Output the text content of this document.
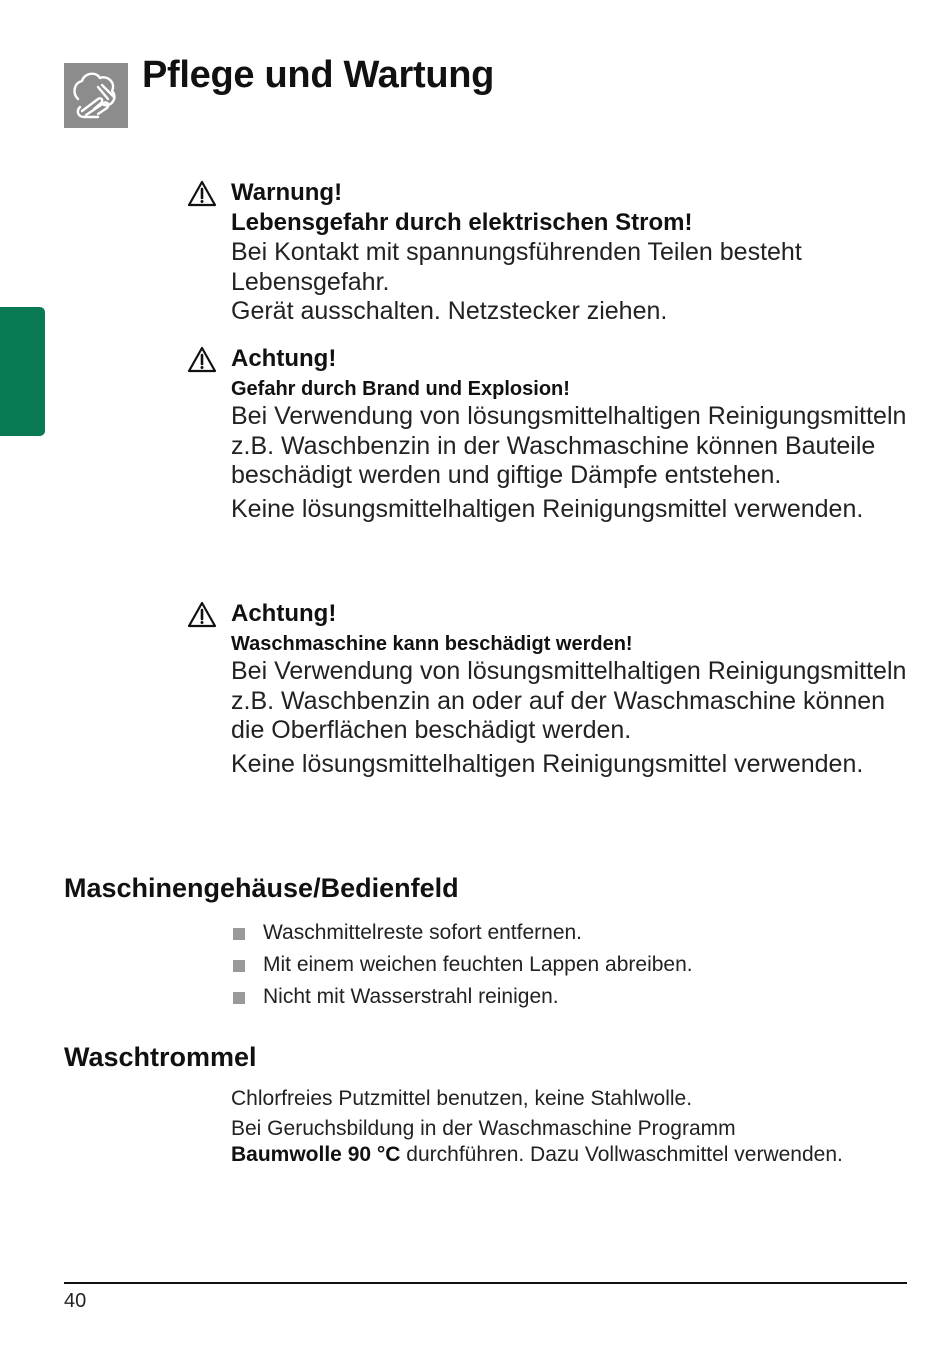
Pflege und Wartung
Warnung!
Lebensgefahr durch elektrischen Strom!

Bei Kontakt mit spannungsführenden Teilen besteht Lebensgefahr.

Gerät ausschalten. Netzstecker ziehen.

Achtung!
Gefahr durch Brand und Explosion!

Bei Verwendung von lösungsmittelhaltigen Reinigungsmitteln z.B. Waschbenzin in der Waschmaschine können Bauteile beschädigt werden und giftige Dämpfe entstehen.

Keine lösungsmittelhaltigen Reinigungsmittel verwenden.

Achtung!
Waschmaschine kann beschädigt werden!

Bei Verwendung von lösungsmittelhaltigen Reinigungsmitteln z.B. Waschbenzin an oder auf der Waschmaschine können die Oberflächen beschädigt werden.

Keine lösungsmittelhaltigen Reinigungsmittel verwenden.

Maschinengehäuse/Bedienfeld
Waschmittelreste sofort entfernen.
Mit einem weichen feuchten Lappen abreiben.
Nicht mit Wasserstrahl reinigen.
Waschtrommel

Chlorfreies Putzmittel benutzen, keine Stahlwolle.

Bei Geruchsbildung in der Waschmaschine Programm
Baumwolle 90 °C durchführen. Dazu Vollwaschmittel verwenden.

40
